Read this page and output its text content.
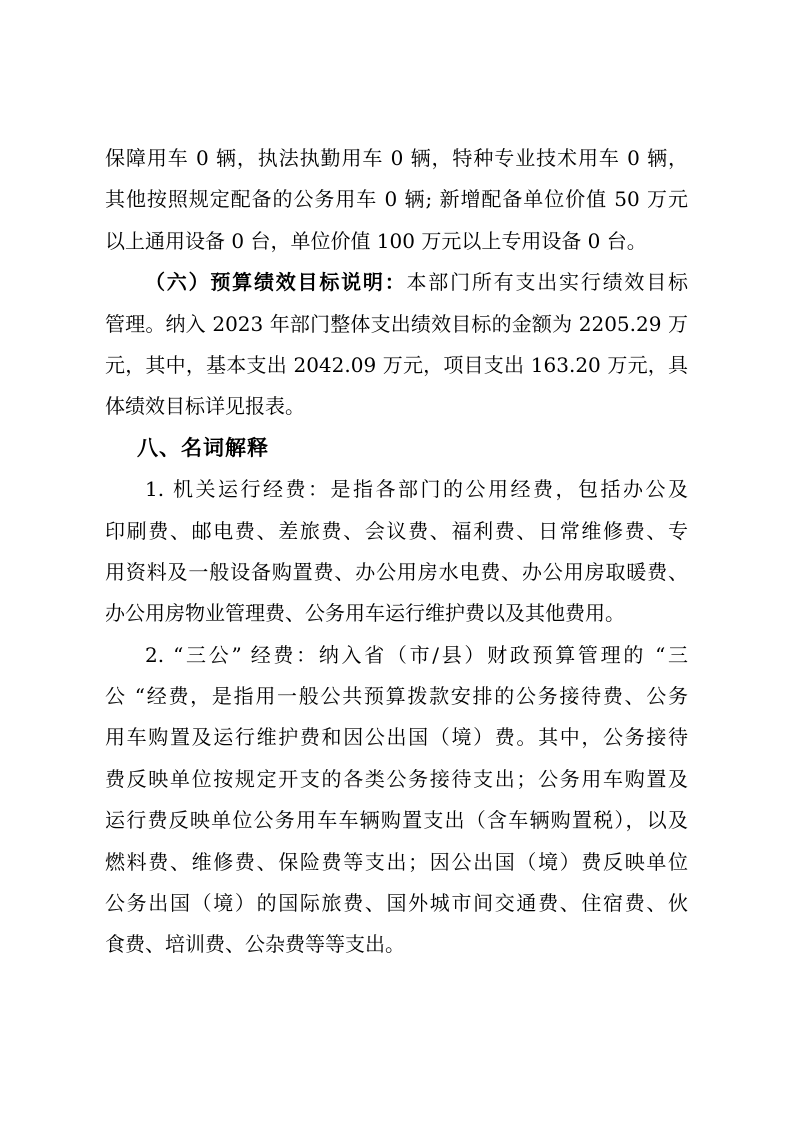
保障用车 0 辆，执法执勤用车 0 辆，特种专业技术用车 0 辆，
其他按照规定配备的公务用车 0 辆; 新增配备单位价值 50 万元
以上通用设备 0 台，单位价值 100 万元以上专用设备 0 台。
（六）预算绩效目标说明：本部门所有支出实行绩效目标
管理。纳入 2023 年部门整体支出绩效目标的金额为 2205.29 万
元，其中，基本支出 2042.09 万元，项目支出 163.20 万元，具
体绩效目标详见报表。
八、名词解释
1. 机关运行经费：是指各部门的公用经费，包括办公及
印刷费、邮电费、差旅费、会议费、福利费、日常维修费、专
用资料及一般设备购置费、办公用房水电费、办公用房取暖费、
办公用房物业管理费、公务用车运行维护费以及其他费用。
2. “三公” 经费：纳入省（市/县）财政预算管理的 “三
公 “经费，是指用一般公共预算拨款安排的公务接待费、公务
用车购置及运行维护费和因公出国（境）费。其中，公务接待
费反映单位按规定开支的各类公务接待支出；公务用车购置及
运行费反映单位公务用车车辆购置支出（含车辆购置税），以及
燃料费、维修费、保险费等支出；因公出国（境）费反映单位
公务出国（境）的国际旅费、国外城市间交通费、住宿费、伙
食费、培训费、公杂费等等支出。
